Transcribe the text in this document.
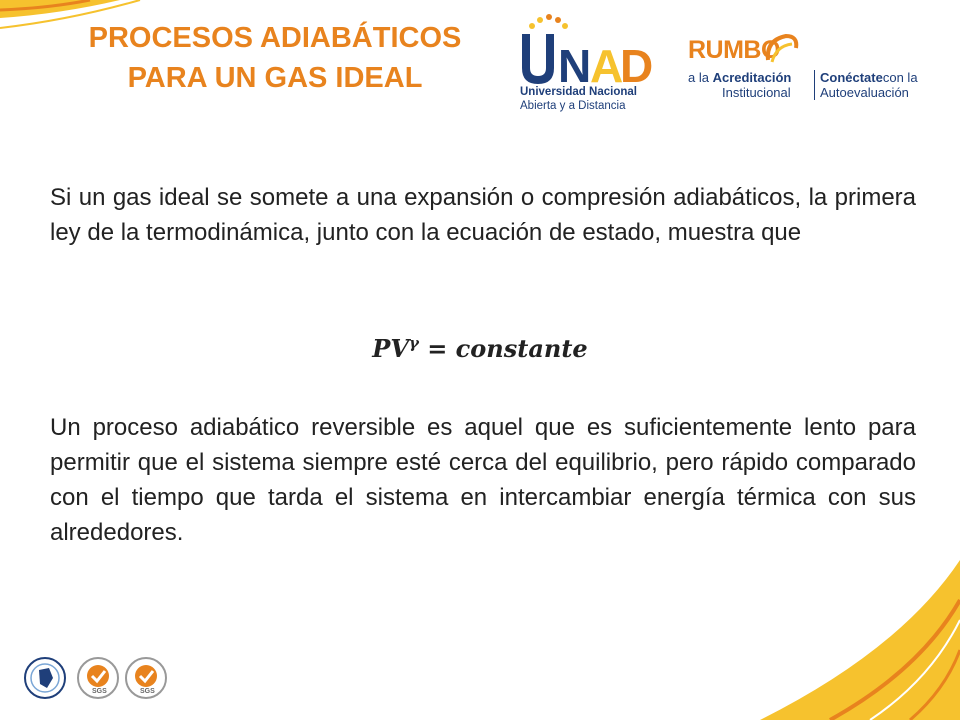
PROCESOS ADIABÁTICOS
PARA UN GAS IDEAL	N
A
D
Universidad Nacional
Abierta y a Distancia
RUMBO
a la Acreditación
Institucional
Conéctatecon la
Autoevaluación
Si un gas ideal se somete a una expansión o compresión adiabáticos, la primera ley de la termodinámica, junto con la ecuación de estado, muestra que
$PV^\gamma$ = constante
Un proceso adiabático reversible es aquel que es suficientemente lento para permitir que el sistema siempre esté cerca del equilibrio, pero rápido comparado con el tiempo que tarda el sistema en intercambiar energía térmica con sus alrededores.
SGS	SGS
